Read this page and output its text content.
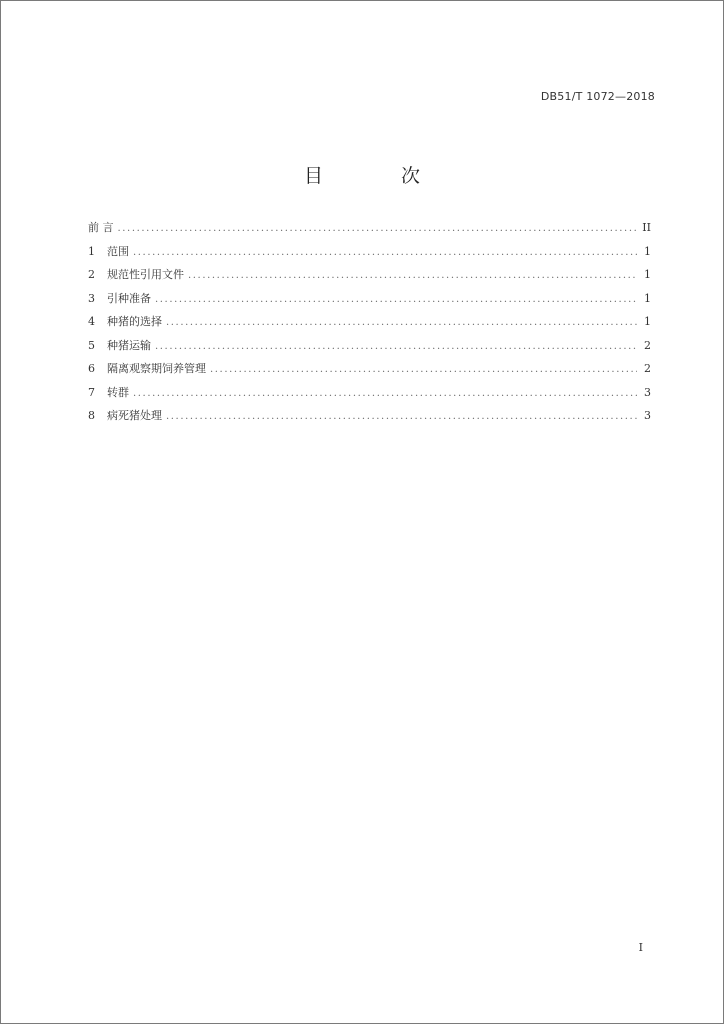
DB51/T 1072—2018
目 次
前 言 .....	II
1	范围 .....	1
2	规范性引用文件 .....	1
3	引种准备 .....	1
4	种猪的选择 .....	1
5	种猪运输 .....	2
6	隔离观察期饲养管理 .....	2
7	转群 .....	3
8	病死猪处理 .....	3
I
